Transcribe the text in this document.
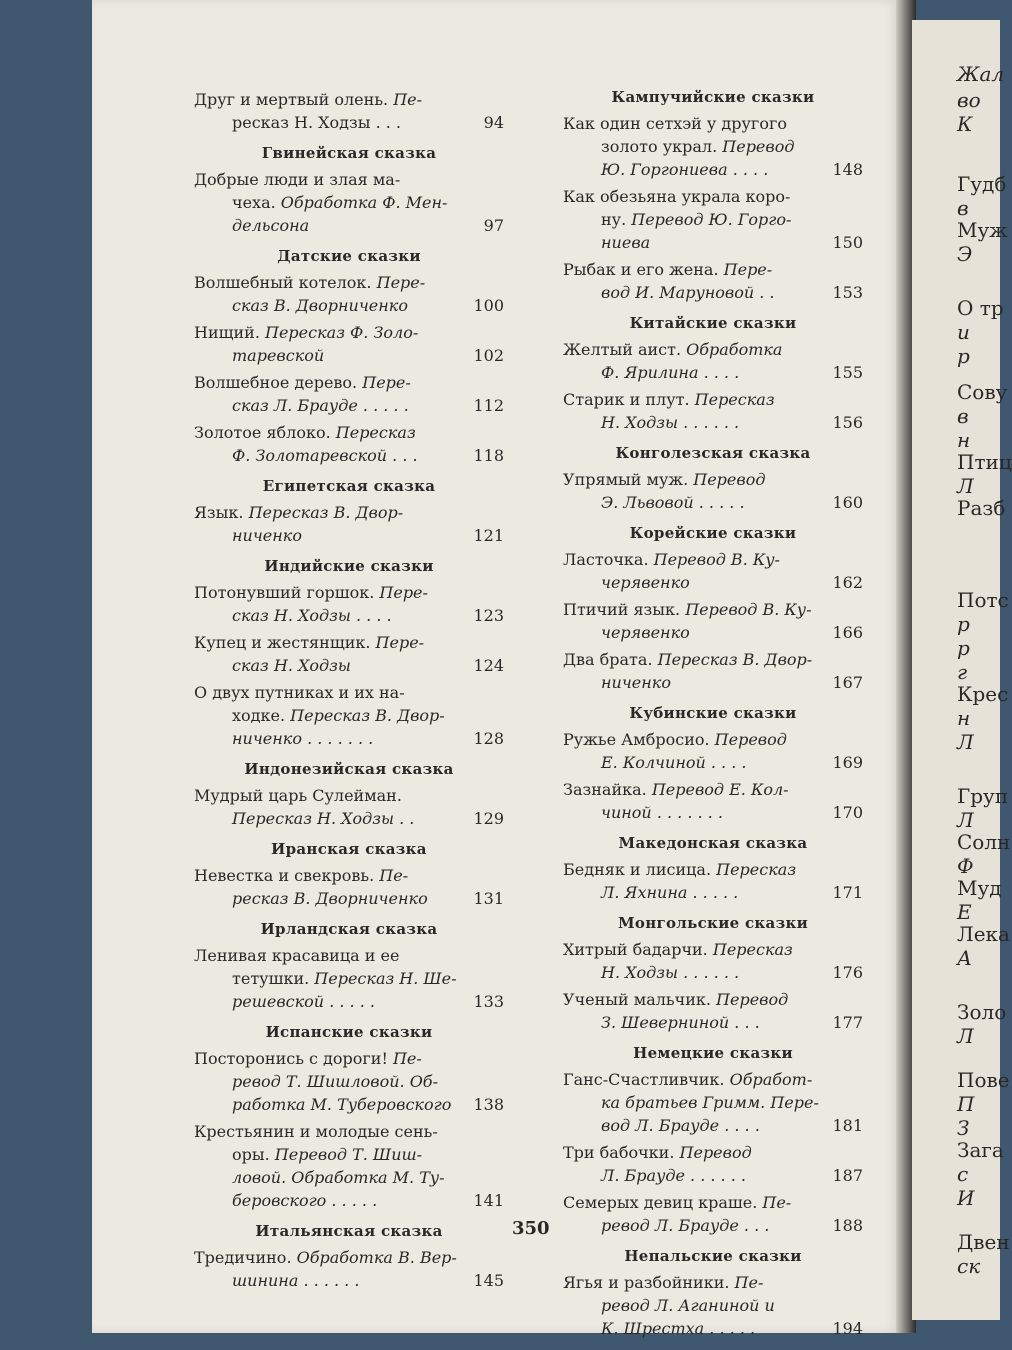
Жал
во
К
Гудб
в
Муж
Э
О тр
и
р
Сову
в
н
Птиц
Л
Разб
Потс
р
р
г
Крес
н
Л
Груп
Л
Солн
Ф
Муд
Е
Лека
А
Золо
Л
Пове
П
З
Зага
с
И
Двен
ск
Друг и мертвый олень. Пе-
ресказ Н. Ходзы . . .	94
Гвинейская сказка
Добрые люди и злая ма-
чеха. Обработка Ф. Мен-
дельсона	97
Датские сказки
Волшебный котелок. Пере-
сказ В. Дворниченко	100
Нищий. Пересказ Ф. Золо-
таревской	102
Волшебное дерево. Пере-
сказ Л. Брауде . . . . .	112
Золотое яблоко. Пересказ
Ф. Золотаревской . . .	118
Египетская сказка
Язык. Пересказ В. Двор-
ниченко	121
Индийские сказки
Потонувший горшок. Пере-
сказ Н. Ходзы . . . .	123
Купец и жестянщик. Пере-
сказ Н. Ходзы	124
О двух путниках и их на-
ходке. Пересказ В. Двор-
ниченко . . . . . . .	128
Индонезийская сказка
Мудрый царь Сулейман.
Пересказ Н. Ходзы . .	129
Иранская сказка
Невестка и свекровь. Пе-
ресказ В. Дворниченко	131
Ирландская сказка
Ленивая красавица и ее
тетушки. Пересказ Н. Ше-
решевской . . . . .	133
Испанские сказки
Посторонись с дороги! Пе-
ревод Т. Шишловой. Об-
работка М. Туберовского 138
Крестьянин и молодые сень-
оры. Перевод Т. Шиш-
ловой. Обработка М. Ту-
беровского . . . . .	141
Итальянская сказка
Тредичино. Обработка В. Вер-
шинина . . . . . .	145
Кампучийские сказки
Как один сетхэй у другого
золото украл. Перевод
Ю. Горгониева . . . .	148
Как обезьяна украла коро-
ну. Перевод Ю. Горго-
ниева	150
Рыбак и его жена. Пере-
вод И. Маруновой . .	153
Китайские сказки
Желтый аист. Обработка
Ф. Ярилина . . . .	155
Старик и плут. Пересказ
Н. Ходзы . . . . . .	156
Конголезская сказка
Упрямый муж. Перевод
Э. Львовой . . . . .	160
Корейские сказки
Ласточка. Перевод В. Ку-
черявенко	162
Птичий язык. Перевод В. Ку-
черявенко	166
Два брата. Пересказ В. Двор-
ниченко	167
Кубинские сказки
Ружье Амбросио. Перевод
Е. Колчиной . . . .	169
Зазнайка. Перевод Е. Кол-
чиной . . . . . . .	170
Македонская сказка
Бедняк и лисица. Пересказ
Л. Яхнина . . . . .	171
Монгольские сказки
Хитрый бадарчи. Пересказ
Н. Ходзы . . . . . .	176
Ученый мальчик. Перевод
З. Шеверниной . . .	177
Немецкие сказки
Ганс-Счастливчик. Обработ-
ка братьев Гримм. Пере-
вод Л. Брауде . . . .	181
Три бабочки. Перевод
Л. Брауде . . . . . .	187
Семерых девиц краше. Пе-
ревод Л. Брауде . . .	188
Непальские сказки
Ягья и разбойники. Пе-
ревод Л. Аганиной и
К. Шрестха . . . . .	194
350
